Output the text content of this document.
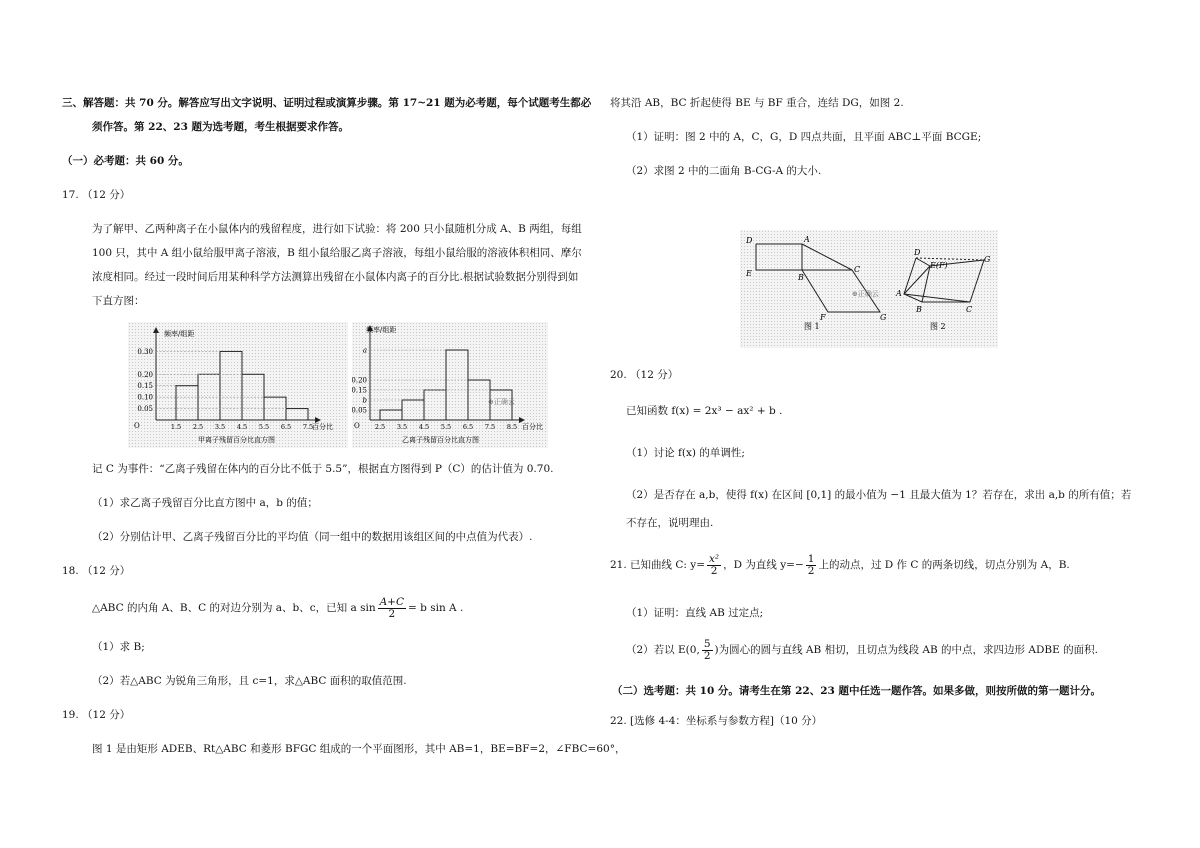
三、解答题：共 70 分。解答应写出文字说明、证明过程或演算步骤。第 17~21 题为必考题，每个试题考生都必
须作答。第 22、23 题为选考题，考生根据要求作答。
（一）必考题：共 60 分。
17. （12 分）
为了解甲、乙两种离子在小鼠体内的残留程度，进行如下试验：将 200 只小鼠随机分成 A、B 两组，每组
100 只，其中 A 组小鼠给服甲离子溶液，B 组小鼠给服乙离子溶液，每组小鼠给服的溶液体积相同、摩尔
浓度相同。经过一段时间后用某种科学方法测算出残留在小鼠体内离子的百分比.根据试验数据分别得到如
下直方图：
0.30
0.20
0.15
0.10
0.05
1.5 2.5 3.5 4.5 5.5 6.5 7.5
O
频率/组距
百分比
甲离子残留百分比直方图
a
0.20
0.15
b
0.05
2.5 3.5 4.5 5.5 6.5 7.5 8.5
O
频率/组距
百分比
乙离子残留百分比直方图
⊕正确云
记 C 为事件：“乙离子残留在体内的百分比不低于 5.5”，根据直方图得到 P（C）的估计值为 0.70.
（1）求乙离子残留百分比直方图中 a，b 的值；
（2）分别估计甲、乙离子残留百分比的平均值（同一组中的数据用该组区间的中点值为代表）.
18. （12 分）
△ABC 的内角 A、B、C 的对边分别为 a、b、c，已知 a $\sin \frac{A+C}{2} = b$ sin A .
（1）求 B;
（2）若△ABC 为锐角三角形，且 c=1，求△ABC 面积的取值范围.
19. （12 分）
图 1 是由矩形 ADEB、Rt△ABC 和菱形 BFGC 组成的一个平面图形，其中 AB=1，BE=BF=2，∠FBC=60°，
将其沿 AB，BC 折起使得 BE 与 BF 重合，连结 DG，如图 2.
（1）证明：图 2 中的 A，C，G，D 四点共面，且平面 ABC⊥平面 BCGE;
（2）求图 2 中的二面角 B-CG-A 的大小.
D	A
E	B
C
F	G
图 1
⊕正确云
D
E(F)
G
A
B	C
图 2
20. （12 分）
已知函数 f(x) = 2x³ − ax² + b .
（1）讨论 f(x) 的单调性;
（2）是否存在 a,b，使得 f(x) 在区间 [0,1] 的最小值为 −1 且最大值为 1？若存在，求出 a,b 的所有值；若
不存在，说明理由.
21. 已知曲线 C: $y= \frac{\text{x²}}{2}$ ，D 为直线 $y=- \frac{1}{2}$ 上的动点，过 D 作 C 的两条切线，切点分别为 A，B.
（1）证明：直线 AB 过定点;
（2）若以 E(0, $\frac{5}{2}$ )为圆心的圆与直线 AB 相切，且切点为线段 AB 的中点，求四边形 ADBE 的面积.
（二）选考题：共 10 分。请考生在第 22、23 题中任选一题作答。如果多做，则按所做的第一题计分。
22. [选修 4-4：坐标系与参数方程]（10 分）
